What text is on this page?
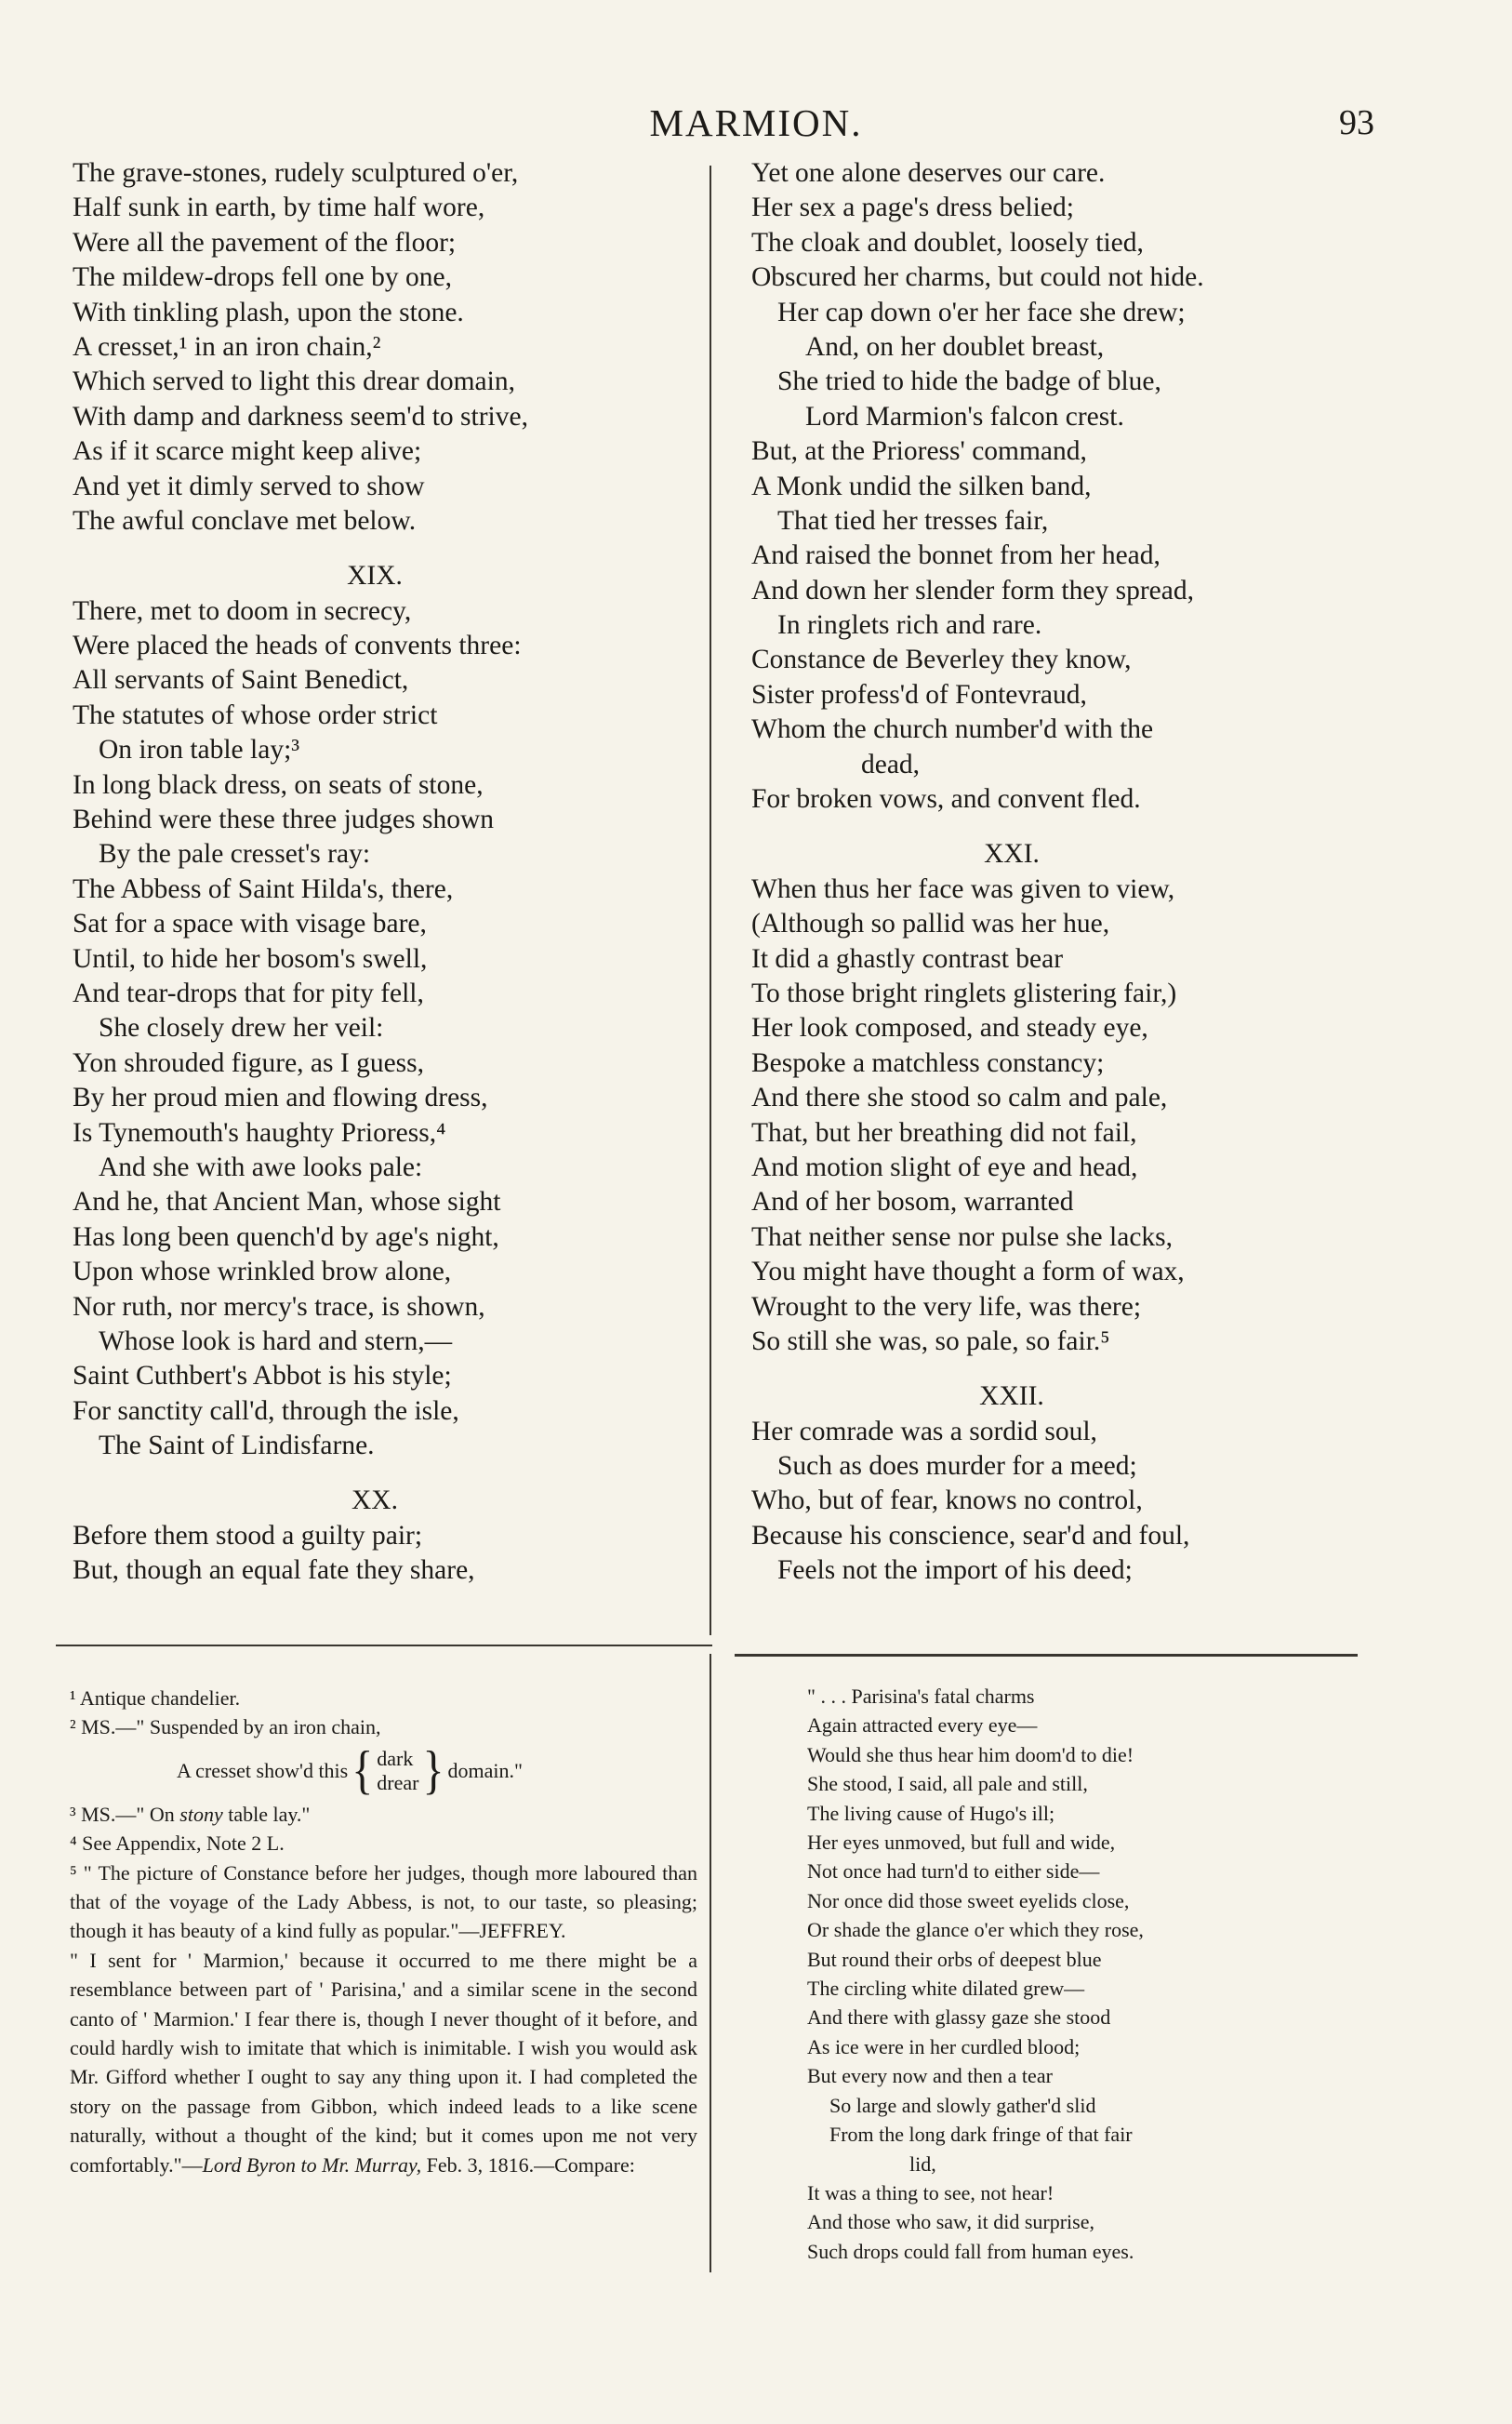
MARMION.	93
The grave-stones, rudely sculptured o'er,
Half sunk in earth, by time half wore,
Were all the pavement of the floor;
The mildew-drops fell one by one,
With tinkling plash, upon the stone.
A cresset,¹ in an iron chain,²
Which served to light this drear domain,
With damp and darkness seem'd to strive,
As if it scarce might keep alive;
And yet it dimly served to show
The awful conclave met below.
XIX.
There, met to doom in secrecy,
Were placed the heads of convents three:
All servants of Saint Benedict,
The statutes of whose order strict
On iron table lay;³
In long black dress, on seats of stone,
Behind were these three judges shown
By the pale cresset's ray:
The Abbess of Saint Hilda's, there,
Sat for a space with visage bare,
Until, to hide her bosom's swell,
And tear-drops that for pity fell,
She closely drew her veil:
Yon shrouded figure, as I guess,
By her proud mien and flowing dress,
Is Tynemouth's haughty Prioress,⁴
And she with awe looks pale:
And he, that Ancient Man, whose sight
Has long been quench'd by age's night,
Upon whose wrinkled brow alone,
Nor ruth, nor mercy's trace, is shown,
Whose look is hard and stern,—
Saint Cuthbert's Abbot is his style;
For sanctity call'd, through the isle,
The Saint of Lindisfarne.
XX.
Before them stood a guilty pair;
But, though an equal fate they share,
Yet one alone deserves our care.
Her sex a page's dress belied;
The cloak and doublet, loosely tied,
Obscured her charms, but could not hide.
Her cap down o'er her face she drew;
And, on her doublet breast,
She tried to hide the badge of blue,
Lord Marmion's falcon crest.
But, at the Prioress' command,
A Monk undid the silken band,
That tied her tresses fair,
And raised the bonnet from her head,
And down her slender form they spread,
In ringlets rich and rare.
Constance de Beverley they know,
Sister profess'd of Fontevraud,
Whom the church number'd with the
dead,
For broken vows, and convent fled.
XXI.
When thus her face was given to view,
(Although so pallid was her hue,
It did a ghastly contrast bear
To those bright ringlets glistering fair,)
Her look composed, and steady eye,
Bespoke a matchless constancy;
And there she stood so calm and pale,
That, but her breathing did not fail,
And motion slight of eye and head,
And of her bosom, warranted
That neither sense nor pulse she lacks,
You might have thought a form of wax,
Wrought to the very life, was there;
So still she was, so pale, so fair.⁵
XXII.
Her comrade was a sordid soul,
Such as does murder for a meed;
Who, but of fear, knows no control,
Because his conscience, sear'd and foul,
Feels not the import of his deed;

¹ Antique chandelier.

² MS.—" Suspended by an iron chain,

A cresset show'd this { dark
drear } domain."

³ MS.—" On stony table lay."

⁴ See Appendix, Note 2 L.

⁵ " The picture of Constance before her judges, though more laboured than that of the voyage of the Lady Abbess, is not, to our taste, so pleasing; though it has beauty of a kind fully as popular."—JEFFREY.

" I sent for ' Marmion,' because it occurred to me there might be a resemblance between part of ' Parisina,' and a similar scene in the second canto of ' Marmion.' I fear there is, though I never thought of it before, and could hardly wish to imitate that which is inimitable. I wish you would ask Mr. Gifford whether I ought to say any thing upon it. I had completed the story on the passage from Gibbon, which indeed leads to a like scene naturally, without a thought of the kind; but it comes upon me not very comfortably."—Lord Byron to Mr. Murray, Feb. 3, 1816.—Compare:

" . . . Parisina's fatal charms
Again attracted every eye—
Would she thus hear him doom'd to die!
She stood, I said, all pale and still,
The living cause of Hugo's ill;
Her eyes unmoved, but full and wide,
Not once had turn'd to either side—
Nor once did those sweet eyelids close,
Or shade the glance o'er which they rose,
But round their orbs of deepest blue
The circling white dilated grew—
And there with glassy gaze she stood
As ice were in her curdled blood;
But every now and then a tear
So large and slowly gather'd slid
From the long dark fringe of that fair
lid,
It was a thing to see, not hear!
And those who saw, it did surprise,
Such drops could fall from human eyes.
